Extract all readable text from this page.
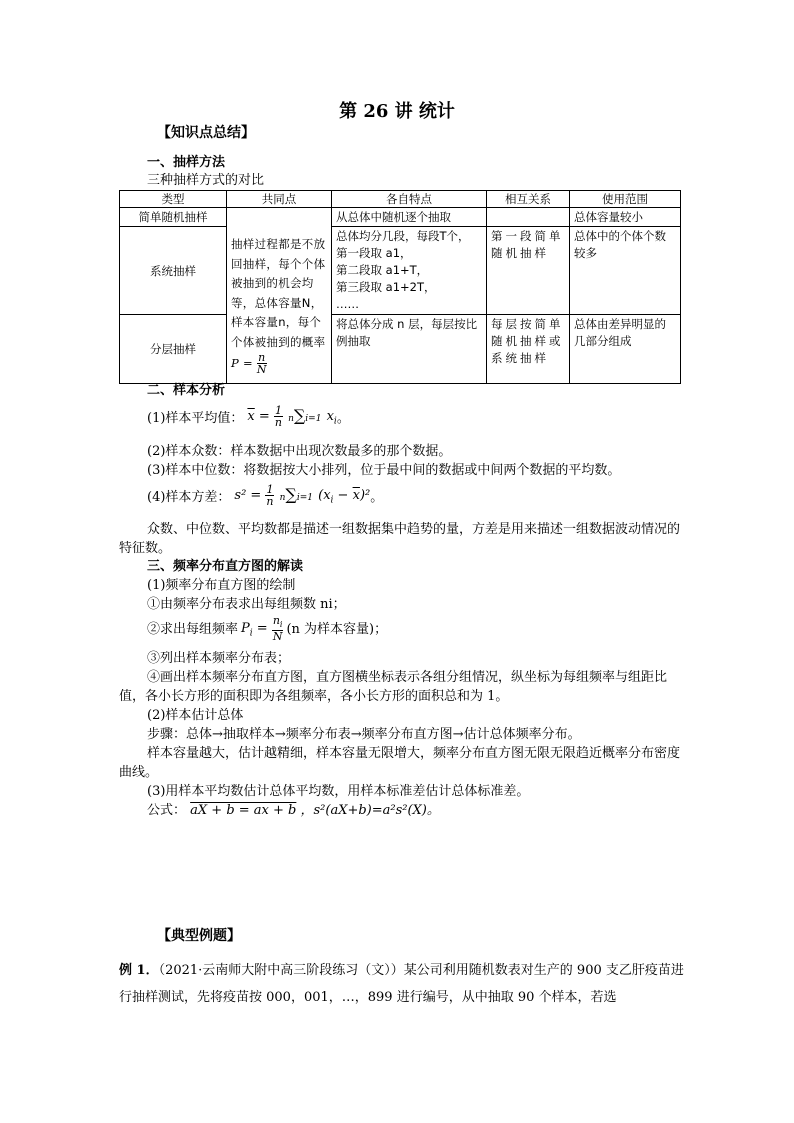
第 26 讲 统计
【知识点总结】
一、抽样方法
三种抽样方式的对比
类型	共同点	各自特点	相互关系	使用范围
简单随机抽样	抽样过程都是不放回抽样，每个个体被抽到的机会均等，总体容量N，样本容量n，每个个体被抽到的概率 $P = \frac{n}{N}$	从总体中随机逐个抽取		总体容量较小
系统抽样		总体均分几段，每段T个，
第一段取 a1，
第二段取 a1+T，
第三段取 a1+2T，
……	第一段简单随机抽样	总体中的个体个数较多

分层抽样		将总体分成 n 层，每层按比例抽取	每层按简单随机抽样或系统抽样	总体由差异明显的几部分组成
二、样本分析
(1)样本平均值： $\overline{x} = \frac{1}{n} n\sum i=1$ $x_i$ 。
(2)样本众数：样本数据中出现次数最多的那个数据。
(3)样本中位数：将数据按大小排列，位于最中间的数据或中间两个数据的平均数。
(4)样本方差： $s^2 = \frac{1}{n} n\sum i=1$ $(x_i - \overline{x})^2$ 。
众数、中位数、平均数都是描述一组数据集中趋势的量，方差是用来描述一组数据波动情况的特征数。
三、频率分布直方图的解读
(1)频率分布直方图的绘制
①由频率分布表求出每组频数 ni；
②求出每组频率 $P_i = \frac{n_i}{N} (n$ 为样本容量)；
③列出样本频率分布表；
④画出样本频率分布直方图，直方图横坐标表示各组分组情况，纵坐标为每组频率与组距比值，各小长方形的面积即为各组频率，各小长方形的面积总和为 1。
(2)样本估计总体
步骤：总体→抽取样本→频率分布表→频率分布直方图→估计总体频率分布。
样本容量越大，估计越精细，样本容量无限增大，频率分布直方图无限无限趋近概率分布密度曲线。
(3)用样本平均数估计总体平均数，用样本标准差估计总体标准差。
公式： aX + b = ax + b ，s²(aX+b)=a²s²(X)。
【典型例题】
例 1．（2021·云南师大附中高三阶段练习（文））某公司利用随机数表对生产的 900 支乙肝疫苗进行抽样测试，先将疫苗按 000，001，…，899 进行编号，从中抽取 90 个样本，若选
